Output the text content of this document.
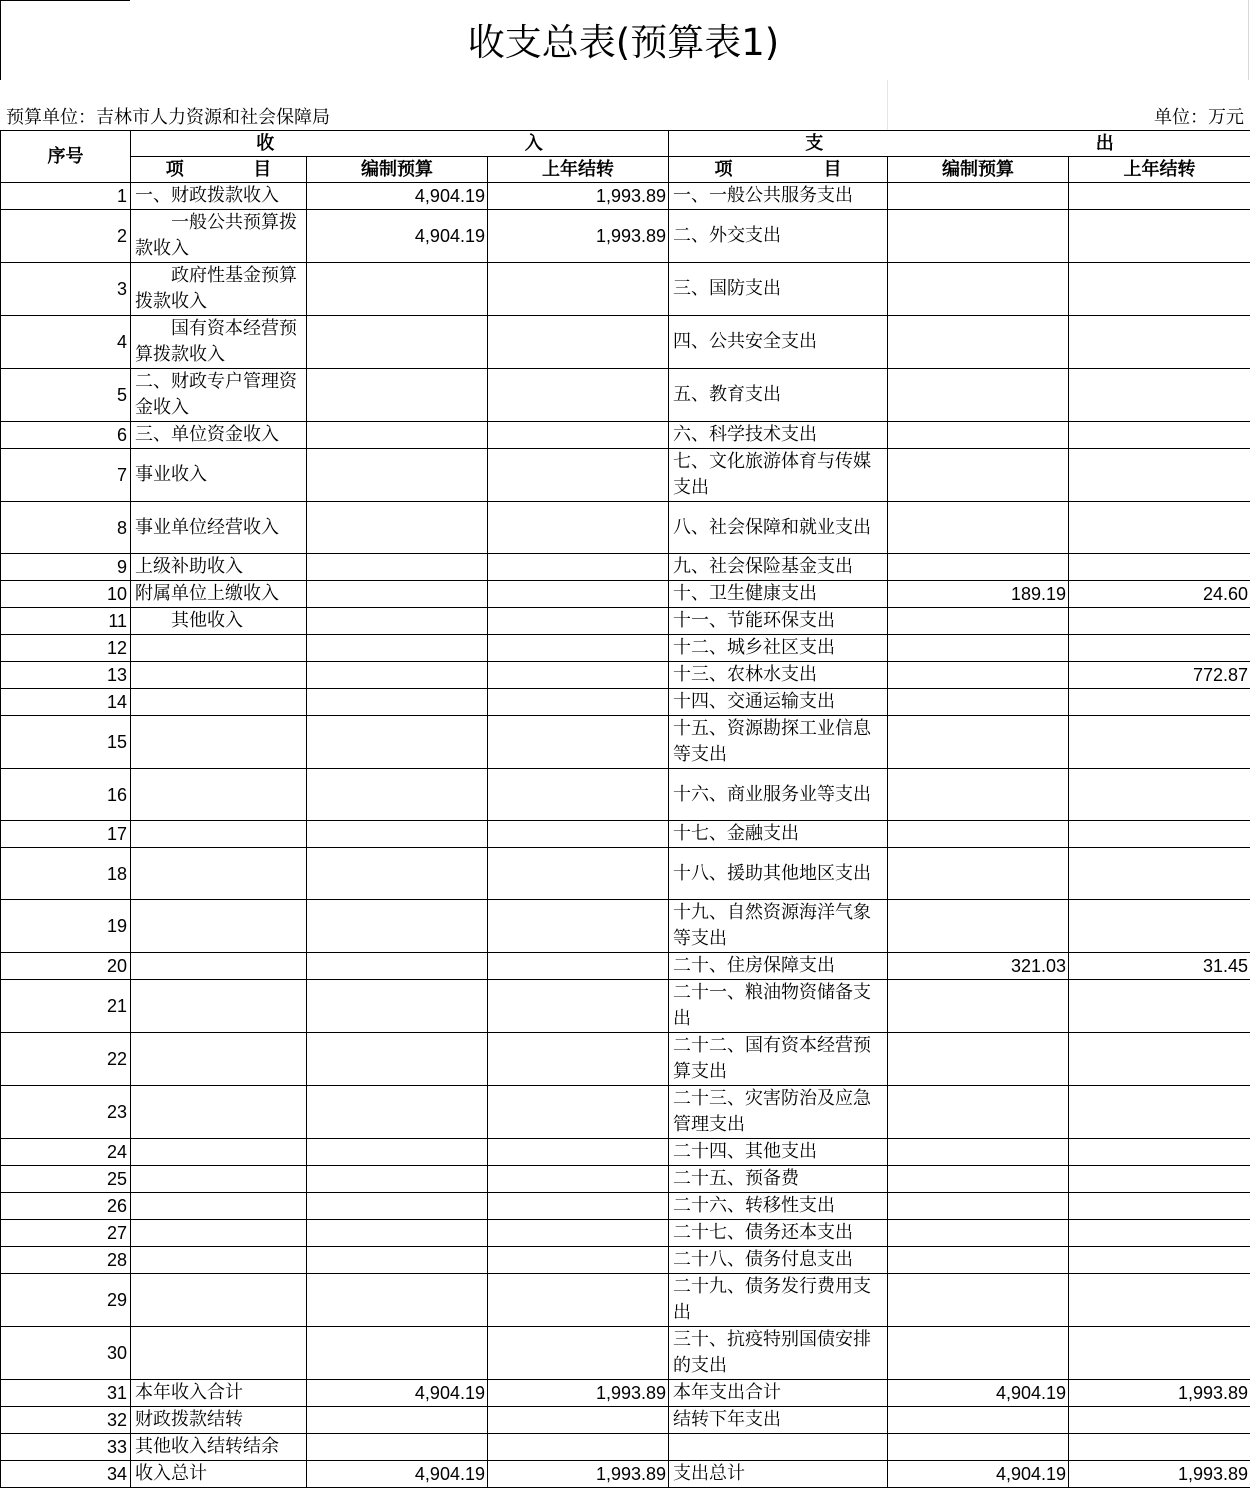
收支总表(预算表1)
预算单位：吉林市人力资源和社会保障局	单位：万元
序号	收 入			支 出		

	项 目	编制预算	上年结转	项 目	编制预算	上年结转
1	一、财政拨款收入	4,904.19	1,993.89	一、一般公共服务支出		
2	一般公共预算拨款收入	4,904.19	1,993.89	二、外交支出		
3	政府性基金预算拨款收入			三、国防支出		
4	国有资本经营预算拨款收入			四、公共安全支出		
5	二、财政专户管理资金收入			五、教育支出		
6	三、单位资金收入			六、科学技术支出		
7	事业收入			七、文化旅游体育与传媒支出		
8	事业单位经营收入			八、社会保障和就业支出		
9	上级补助收入			九、社会保险基金支出		
10	附属单位上缴收入			十、卫生健康支出	189.19	24.60
11	其他收入			十一、节能环保支出		
12				十二、城乡社区支出		
13				十三、农林水支出		772.87
14				十四、交通运输支出		
15				十五、资源勘探工业信息等支出		
16				十六、商业服务业等支出		
17				十七、金融支出		
18				十八、援助其他地区支出		
19				十九、自然资源海洋气象等支出		
20				二十、住房保障支出	321.03	31.45
21				二十一、粮油物资储备支出		
22				二十二、国有资本经营预算支出		
23				二十三、灾害防治及应急管理支出		
24				二十四、其他支出		
25				二十五、预备费		
26				二十六、转移性支出		
27				二十七、债务还本支出		
28				二十八、债务付息支出		
29				二十九、债务发行费用支出		
30				三十、抗疫特别国债安排的支出		
31	本年收入合计	4,904.19	1,993.89	本年支出合计	4,904.19	1,993.89
32	财政拨款结转			结转下年支出		
33	其他收入结转结余					
34	收入总计	4,904.19	1,993.89	支出总计	4,904.19	1,993.89
